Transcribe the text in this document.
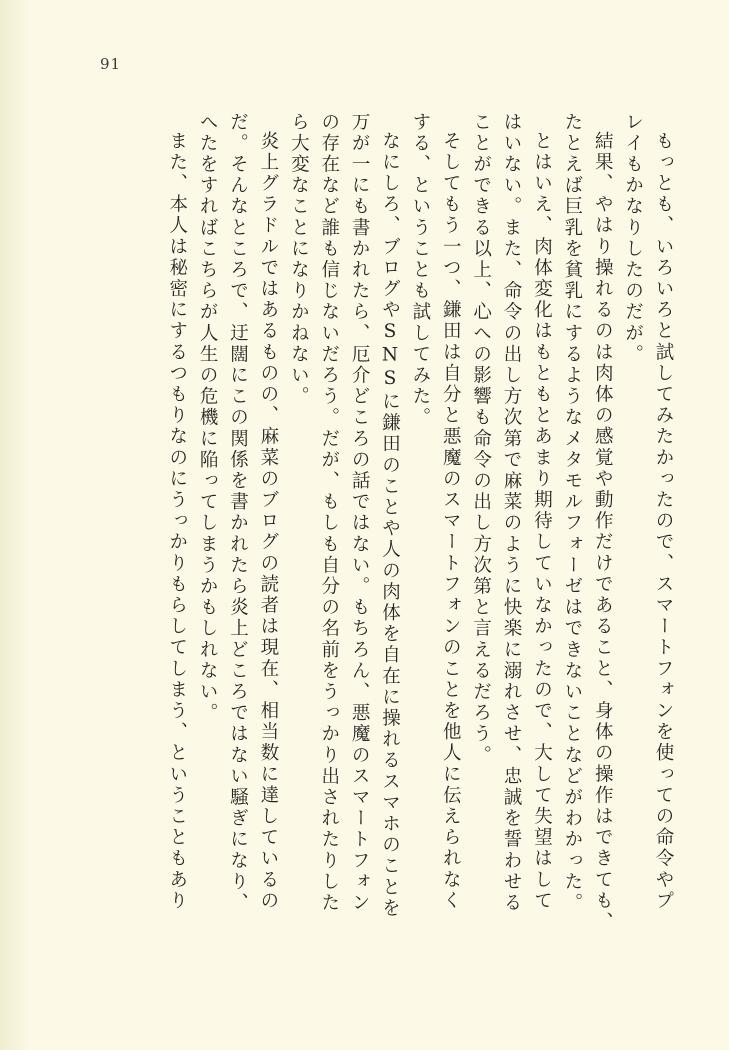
91
もっとも、いろいろと試してみたかったので、スマートフォンを使っての命令やプ
レイもかなりしたのだが。
結果、やはり操れるのは肉体の感覚や動作だけであること、身体の操作はできても、
たとえば巨乳を貧乳にするようなメタモルフォーゼはできないことなどがわかった。
とはいえ、肉体変化はもともとあまり期待していなかったので、大して失望はして
はいない。また、命令の出し方次第で麻菜のように快楽に溺れさせ、忠誠を誓わせる
ことができる以上、心への影響も命令の出し方次第と言えるだろう。
そしてもう一つ、鎌田は自分と悪魔のスマートフォンのことを他人に伝えられなく
する、ということも試してみた。
なにしろ、ブログやSNSに鎌田のことや人の肉体を自在に操れるスマホのことを
万が一にも書かれたら、厄介どころの話ではない。もちろん、悪魔のスマートフォン
の存在など誰も信じないだろう。だが、もしも自分の名前をうっかり出されたりした
ら大変なことになりかねない。
炎上グラドルではあるものの、麻菜のブログの読者は現在、相当数に達しているの
だ。そんなところで、迂闊にこの関係を書かれたら炎上どころではない騒ぎになり、
へたをすればこちらが人生の危機に陥ってしまうかもしれない。
また、本人は秘密にするつもりなのにうっかりもらしてしまう、ということもあり
